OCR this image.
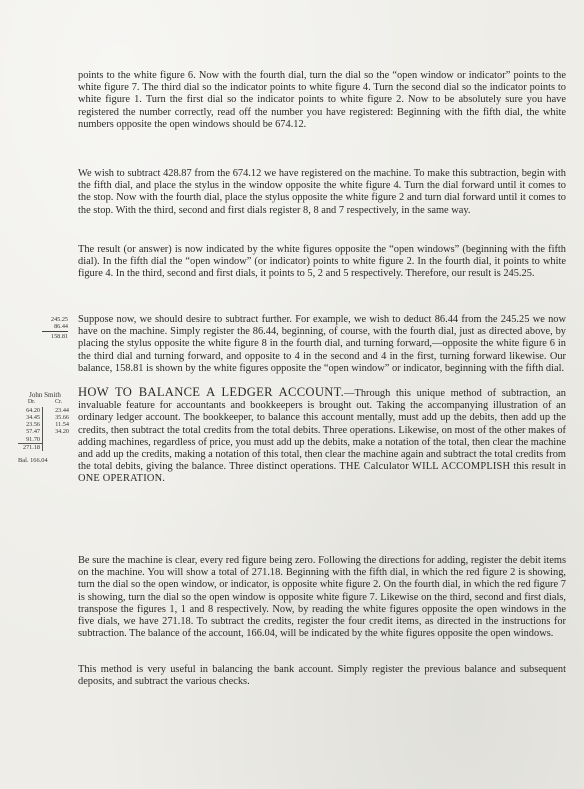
points to the white figure 6. Now with the fourth dial, turn the dial so the “open window or indicator” points to the white figure 7. The third dial so the indicator points to white figure 4. Turn the second dial so the indicator points to white figure 1. Turn the first dial so the indicator points to white figure 2. Now to be absolutely sure you have registered the number correctly, read off the number you have registered: Beginning with the fifth dial, the white numbers opposite the open windows should be 674.12.

We wish to subtract 428.87 from the 674.12 we have registered on the machine. To make this subtraction, begin with the fifth dial, and place the stylus in the window opposite the white figure 4. Turn the dial forward until it comes to the stop. Now with the fourth dial, place the stylus opposite the white figure 2 and turn dial forward until it comes to the stop. With the third, second and first dials register 8, 8 and 7 respectively, in the same way.

The result (or answer) is now indicated by the white figures opposite the “open windows” (beginning with the fifth dial). In the fifth dial the “open window” (or indicator) points to white figure 2. In the fourth dial, it points to white figure 4. In the third, second and first dials, it points to 5, 2 and 5 respectively. Therefore, our result is 245.25.

245.25
86.44
158.81

Suppose now, we should desire to subtract further. For example, we wish to deduct 86.44 from the 245.25 we now have on the machine. Simply register the 86.44, beginning, of course, with the fourth dial, just as directed above, by placing the stylus opposite the white figure 8 in the fourth dial, and turning forward,—opposite the white figure 6 in the third dial and turning forward, and opposite to 4 in the second and 4 in the first, turning forward likewise. Our balance, 158.81 is shown by the white figures opposite the “open window” or indicator, beginning with the fifth dial.

John Smith
Dr.	Cr.
64.20
34.45
23.56
57.47
91.70
23.44
35.66
11.54
34.20
271.18
Bal. 166.04

HOW TO BALANCE A LEDGER ACCOUNT.—Through this unique method of subtraction, an invaluable feature for accountants and bookkeepers is brought out. Taking the accompanying illustration of an ordinary ledger account. The bookkeeper, to balance this account mentally, must add up the debits, then add up the credits, then subtract the total credits from the total debits. Three operations. Likewise, on most of the other makes of adding machines, regardless of price, you must add up the debits, make a notation of the total, then clear the machine and add up the credits, making a notation of this total, then clear the machine again and subtract the total credits from the total debits, giving the balance. Three distinct operations. THE Calculator WILL ACCOMPLISH this result in ONE OPERATION.

Be sure the machine is clear, every red figure being zero. Following the directions for adding, register the debit items on the machine. You will show a total of 271.18. Beginning with the fifth dial, in which the red figure 2 is showing, turn the dial so the open window, or indicator, is opposite white figure 2. On the fourth dial, in which the red figure 7 is showing, turn the dial so the open window is opposite white figure 7. Likewise on the third, second and first dials, transpose the figures 1, 1 and 8 respectively. Now, by reading the white figures opposite the open windows in the five dials, we have 271.18. To subtract the credits, register the four credit items, as directed in the instructions for subtraction. The balance of the account, 166.04, will be indicated by the white figures opposite the open windows.

This method is very useful in balancing the bank account. Simply register the previous balance and subsequent deposits, and subtract the various checks.
